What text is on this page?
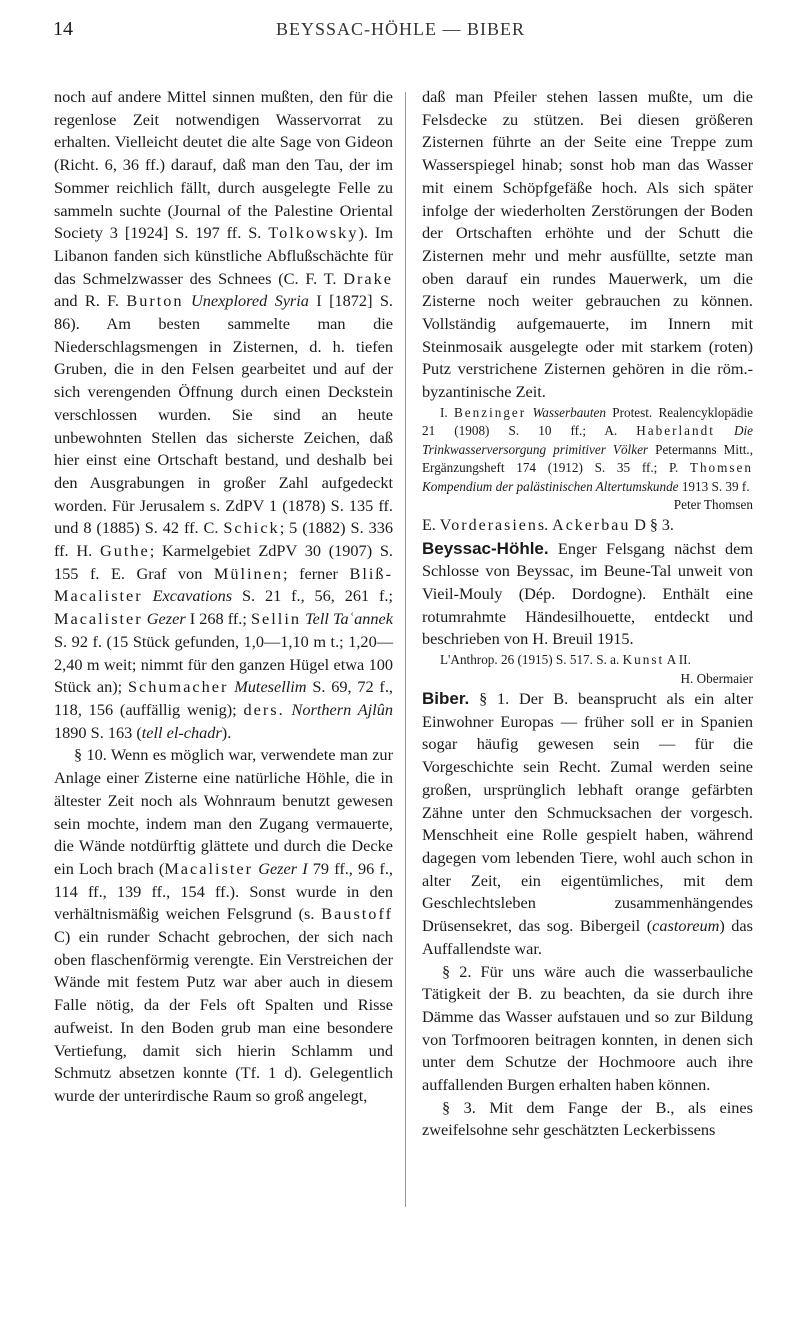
14	BEYSSAC-HÖHLE — BIBER

noch auf andere Mittel sinnen mußten, den für die regenlose Zeit notwendigen Wasservorrat zu erhalten. Vielleicht deutet die alte Sage von Gideon (Richt. 6, 36 ff.) darauf, daß man den Tau, der im Sommer reichlich fällt, durch ausgelegte Felle zu sammeln suchte (Journal of the Palestine Oriental Society 3 [1924] S. 197 ff. S. Tolkowsky). Im Libanon fanden sich künstliche Abflußschächte für das Schmelzwasser des Schnees (C. F. T. Drake and R. F. Burton Unexplored Syria I [1872] S. 86). Am besten sammelte man die Niederschlagsmengen in Zisternen, d. h. tiefen Gruben, die in den Felsen gearbeitet und auf der sich verengenden Öffnung durch einen Deckstein verschlossen wurden. Sie sind an heute unbewohnten Stellen das sicherste Zeichen, daß hier einst eine Ortschaft bestand, und deshalb bei den Ausgrabungen in großer Zahl aufgedeckt worden. Für Jerusalem s. ZdPV 1 (1878) S. 135 ff. und 8 (1885) S. 42 ff. C. Schick; 5 (1882) S. 336 ff. H. Guthe; Karmelgebiet ZdPV 30 (1907) S. 155 f. E. Graf von Mülinen; ferner Bliß-Macalister Excavations S. 21 f., 56, 261 f.; Macalister Gezer I 268 ff.; Sellin Tell Taʿannek S. 92 f. (15 Stück gefunden, 1,0—1,10 m t.; 1,20—2,40 m weit; nimmt für den ganzen Hügel etwa 100 Stück an); Schumacher Mutesellim S. 69, 72 f., 118, 156 (auffällig wenig); ders. Northern Ajlûn 1890 S. 163 (tell el-chadr).

§ 10. Wenn es möglich war, verwendete man zur Anlage einer Zisterne eine natürliche Höhle, die in ältester Zeit noch als Wohnraum benutzt gewesen sein mochte, indem man den Zugang vermauerte, die Wände notdürftig glättete und durch die Decke ein Loch brach (Macalister Gezer I 79 ff., 96 f., 114 ff., 139 ff., 154 ff.). Sonst wurde in den verhältnismäßig weichen Felsgrund (s. Baustoff C) ein runder Schacht gebrochen, der sich nach oben flaschenförmig verengte. Ein Verstreichen der Wände mit festem Putz war aber auch in diesem Falle nötig, da der Fels oft Spalten und Risse aufweist. In den Boden grub man eine besondere Vertiefung, damit sich hierin Schlamm und Schmutz absetzen konnte (Tf. 1 d). Gelegentlich wurde der unterirdische Raum so groß angelegt,

daß man Pfeiler stehen lassen mußte, um die Felsdecke zu stützen. Bei diesen größeren Zisternen führte an der Seite eine Treppe zum Wasserspiegel hinab; sonst hob man das Wasser mit einem Schöpfgefäße hoch. Als sich später infolge der wiederholten Zerstörungen der Boden der Ortschaften erhöhte und der Schutt die Zisternen mehr und mehr ausfüllte, setzte man oben darauf ein rundes Mauerwerk, um die Zisterne noch weiter gebrauchen zu können. Vollständig aufgemauerte, im Innern mit Steinmosaik ausgelegte oder mit starkem (roten) Putz verstrichene Zisternen gehören in die röm.-byzantinische Zeit.

I. Benzinger Wasserbauten Protest. Realencyklopädie 21 (1908) S. 10 ff.; A. Haberlandt Die Trinkwasserversorgung primitiver Völker Petermanns Mitt., Ergänzungsheft 174 (1912) S. 35 ff.; P. Thomsen Kompendium der palästinischen Altertumskunde 1913 S. 39 f.

Peter Thomsen

E. Vorderasiens. Ackerbau D § 3.

Beyssac-Höhle. Enger Felsgang nächst dem Schlosse von Beyssac, im Beune-Tal unweit von Vieil-Mouly (Dép. Dordogne). Enthält eine rotumrahmte Händesilhouette, entdeckt und beschrieben von H. Breuil 1915.

L'Anthrop. 26 (1915) S. 517. S. a. Kunst A II.

H. Obermaier

Biber. § 1. Der B. beansprucht als ein alter Einwohner Europas — früher soll er in Spanien sogar häufig gewesen sein — für die Vorgeschichte sein Recht. Zumal werden seine großen, ursprünglich lebhaft orange gefärbten Zähne unter den Schmucksachen der vorgesch. Menschheit eine Rolle gespielt haben, während dagegen vom lebenden Tiere, wohl auch schon in alter Zeit, ein eigentümliches, mit dem Geschlechtsleben zusammenhängendes Drüsensekret, das sog. Bibergeil (castoreum) das Auffallendste war.

§ 2. Für uns wäre auch die wasserbauliche Tätigkeit der B. zu beachten, da sie durch ihre Dämme das Wasser aufstauen und so zur Bildung von Torfmooren beitragen konnten, in denen sich unter dem Schutze der Hochmoore auch ihre auffallenden Burgen erhalten haben können.

§ 3. Mit dem Fange der B., als eines zweifelsohne sehr geschätzten Leckerbissens
